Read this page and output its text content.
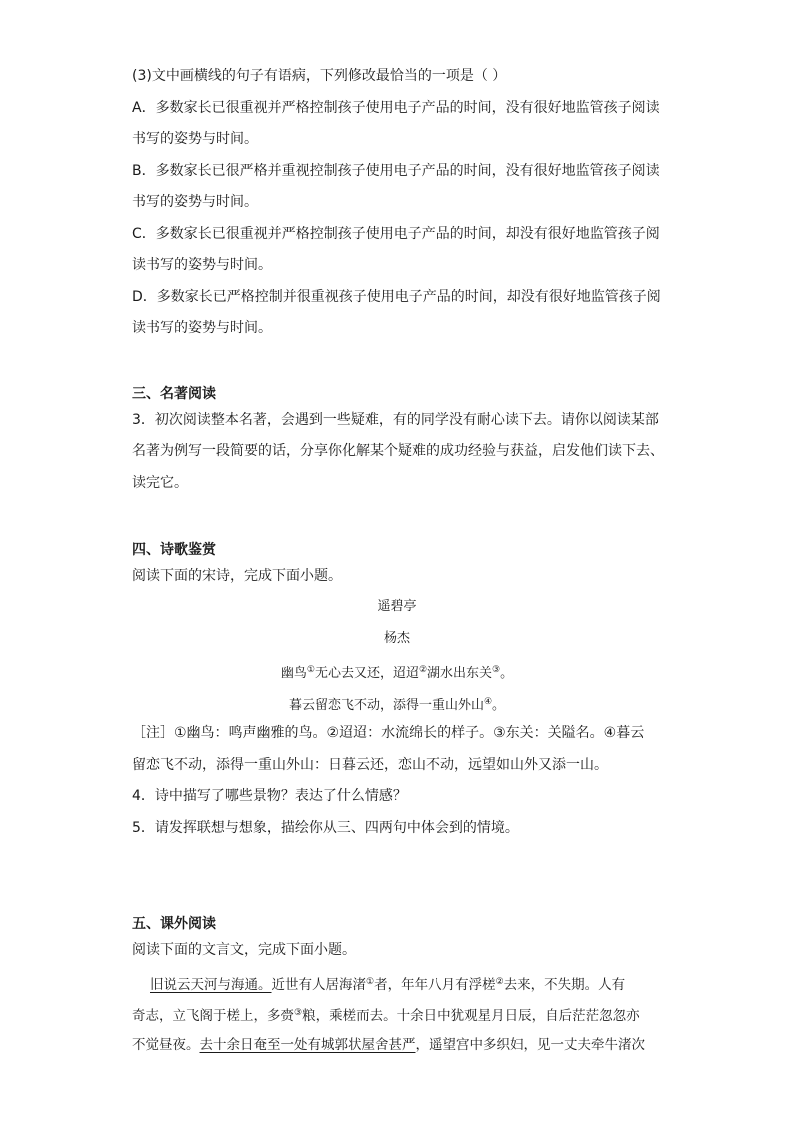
(3)文中画横线的句子有语病，下列修改最恰当的一项是（ ）
A．多数家长已很重视并严格控制孩子使用电子产品的时间，没有很好地监管孩子阅读
书写的姿势与时间。
B．多数家长已很严格并重视控制孩子使用电子产品的时间，没有很好地监管孩子阅读
书写的姿势与时间。
C．多数家长已很重视并严格控制孩子使用电子产品的时间，却没有很好地监管孩子阅
读书写的姿势与时间。
D．多数家长已严格控制并很重视孩子使用电子产品的时间，却没有很好地监管孩子阅
读书写的姿势与时间。
三、名著阅读
3．初次阅读整本名著，会遇到一些疑难，有的同学没有耐心读下去。请你以阅读某部
名著为例写一段简要的话，分享你化解某个疑难的成功经验与获益，启发他们读下去、
读完它。
四、诗歌鉴赏
阅读下面的宋诗，完成下面小题。
遥碧亭
杨杰
幽鸟①无心去又还，迢迢②湖水出东关③。
暮云留恋飞不动，添得一重山外山④。
［注］①幽鸟：鸣声幽雅的鸟。②迢迢：水流绵长的样子。③东关：关隘名。④暮云
留恋飞不动，添得一重山外山：日暮云还，恋山不动，远望如山外又添一山。
4．诗中描写了哪些景物？表达了什么情感？
5．请发挥联想与想象，描绘你从三、四两句中体会到的情境。
五、课外阅读
阅读下面的文言文，完成下面小题。
旧说云天河与海通。近世有人居海渚①者，年年八月有浮槎②去来，不失期。人有
奇志，立飞阁于槎上，多赍③粮，乘槎而去。十余日中犹观星月日辰，自后茫茫忽忽亦
不觉昼夜。去十余日奄至一处有城郭状屋舍甚严，遥望宫中多织妇，见一丈夫牵牛渚次
